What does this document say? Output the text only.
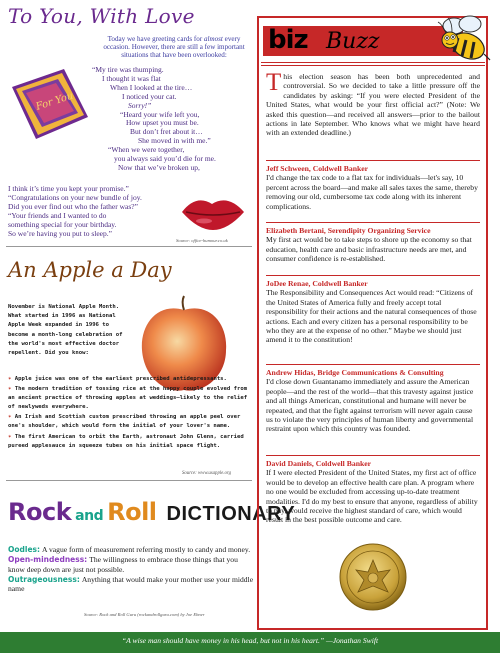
To You, With Love
Today we have greeting cards for almost every occasion. However, there are still a few important situations that have been overlooked:
For You
“My tire was thumping.
I thought it was flat
When I looked at the tire…
I noticed your cat.
Sorry!”
“Heard your wife left you,
How upset you must be.
But don’t fret about it…
She moved in with me.”
“When we were together,
you always said you’d die for me.
Now that we’ve broken up,
I think it’s time you kept your promise.”
“Congratulations on your new bundle of joy.
Did you ever find out who the father was?”
“Your friends and I wanted to do
something special for your birthday.
So we’re having you put to sleep.”
Source: office-humour.co.uk
An Apple a Day
November is National Apple Month. What started in 1996 as National Apple Week expanded in 1996 to become a month-long celebration of the world's most effective doctor repellent. Did you know:
✶ Apple juice was one of the earliest prescribed antidepressants.
✶ The modern tradition of tossing rice at the happy couple evolved from an ancient practice of throwing apples at weddings—likely to the relief of newlyweds everywhere.
✶ An Irish and Scottish custom prescribed throwing an apple peel over one's shoulder, which would form the initial of your lover's name.
✶ The first American to orbit the Earth, astronaut John Glenn, carried pureed applesauce in squeeze tubes on his initial space flight.
Source: www.usapple.org
Rock and Roll DICTIONARY

Oodles: A vague form of measurement referring mostly to candy and money.

Open-mindedness: The willingness to embrace those things that you know deep down are just not possible.

Outrageousness: Anything that would make your mother use your middle name

Source: Rock and Roll Guru (rockandrollguru.com) by Joe Ebner
biz Buzz
This election season has been both unprecedented and controversial. So we decided to take a little pressure off the candidates by asking: “If you were elected President of the United States, what would be your first official act?” (Note: We asked this question—and received all answers—prior to the bailout actions in late September. Who knows what we might have heard with an extended deadline.)
Jeff Schween, Coldwell Banker
I'd change the tax code to a flat tax for individuals—let's say, 10 percent across the board—and make all sales taxes the same, thereby removing our old, cumbersome tax code along with its inherent complications.
Elizabeth Bertani, Serendipity Organizing Service
My first act would be to take steps to shore up the economy so that education, health care and basic infrastructure needs are met, and consumer confidence is re-established.
JoDee Renae, Coldwell Banker
The Responsibility and Consequences Act would read: “Citizens of the United States of America fully and freely accept total responsibility for their actions and the natural consequences of those actions. Each and every citizen has a personal responsibility to be who they are at the expense of no other.” Maybe we should just amend it to the constitution!
Andrew Hidas, Bridge Communications & Consulting
I'd close down Guantanamo immediately and assure the American people—and the rest of the world—that this travesty against justice and all things American, constitutional and humane will never be repeated, and that the fight against terrorism will never again cause us to violate the very principles of human liberty and governmental restraint upon which this country was founded.
David Daniels, Coldwell Banker
If I were elected President of the United States, my first act of office would be to develop an effective health care plan. A program where no one would be excluded from accessing up-to-date treatment modalities. I'd do my best to ensure that anyone, regardless of ability to pay, would receive the highest standard of care, which would result in the best possible outcome and care.
“A wise man should have money in his head, but not in his heart.” —Jonathan Swift
